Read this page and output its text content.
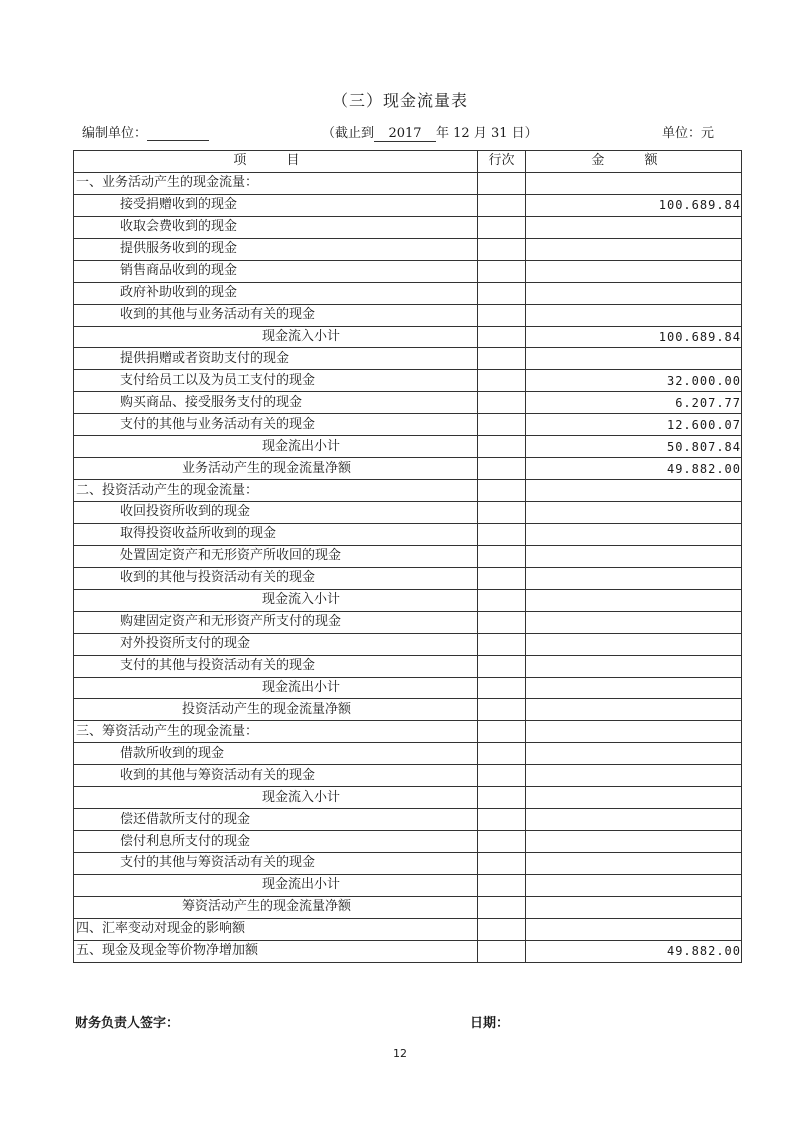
（三）现金流量表
编制单位：	（截止到 2017 年 12 月 31 日）	单位：元
项 目	行次	金 额
一、业务活动产生的现金流量：		
接受捐赠收到的现金		100.689.84
收取会费收到的现金		
提供服务收到的现金		
销售商品收到的现金		
政府补助收到的现金		
收到的其他与业务活动有关的现金		
现金流入小计		100.689.84
提供捐赠或者资助支付的现金		
支付给员工以及为员工支付的现金		32.000.00
购买商品、接受服务支付的现金		6.207.77
支付的其他与业务活动有关的现金		12.600.07
现金流出小计		50.807.84
业务活动产生的现金流量净额		49.882.00
二、投资活动产生的现金流量：		
收回投资所收到的现金		
取得投资收益所收到的现金		
处置固定资产和无形资产所收回的现金		
收到的其他与投资活动有关的现金		
现金流入小计		
购建固定资产和无形资产所支付的现金		
对外投资所支付的现金		
支付的其他与投资活动有关的现金		
现金流出小计		
投资活动产生的现金流量净额		
三、筹资活动产生的现金流量：		
借款所收到的现金		
收到的其他与筹资活动有关的现金		
现金流入小计		
偿还借款所支付的现金		
偿付利息所支付的现金		
支付的其他与筹资活动有关的现金		
现金流出小计		
筹资活动产生的现金流量净额		
四、汇率变动对现金的影响额		
五、现金及现金等价物净增加额		49.882.00
财务负责人签字：	日期：
12
